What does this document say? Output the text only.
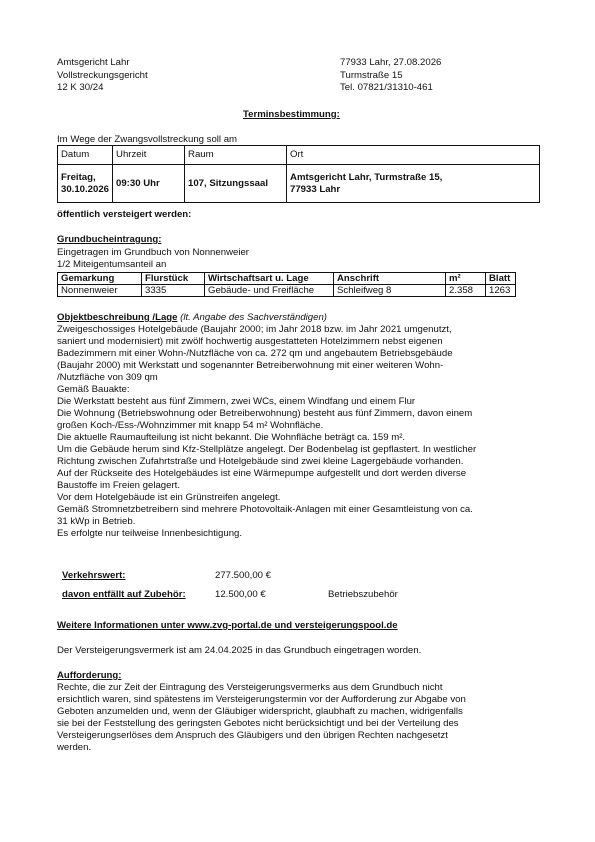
Amtsgericht Lahr
Vollstreckungsgericht
12 K 30/24
77933 Lahr, 27.08.2026
Turmstraße 15
Tel. 07821/31310-461
Terminsbestimmung:
Im Wege der Zwangsvollstreckung soll am
Datum	Uhrzeit	Raum	Ort
Freitag,
30.10.2026	09:30 Uhr	107, Sitzungssaal	Amtsgericht Lahr, Turmstraße 15,
77933 Lahr
öffentlich versteigert werden:
Grundbucheintragung:
Eingetragen im Grundbuch von Nonnenweier
1/2 Miteigentumsanteil an
Gemarkung	Flurstück	Wirtschaftsart u. Lage	Anschrift	m²	Blatt
Nonnenweier	3335	Gebäude- und Freifläche	Schleifweg 8	2.358	1263
Objektbeschreibung /Lage (lt. Angabe des Sachverständigen)
Zweigeschossiges Hotelgebäude (Baujahr 2000; im Jahr 2018 bzw. im Jahr 2021 umgenutzt,
saniert und modernisiert) mit zwölf hochwertig ausgestatteten Hotelzimmern nebst eigenen
Badezimmern mit einer Wohn-/Nutzfläche von ca. 272 qm und angebautem Betriebsgebäude
(Baujahr 2000) mit Werkstatt und sogenannter Betreiberwohnung mit einer weiteren Wohn-
/Nutzfläche von 309 qm
Gemäß Bauakte:
Die Werkstatt besteht aus fünf Zimmern, zwei WCs, einem Windfang und einem Flur
Die Wohnung (Betriebswohnung oder Betreiberwohnung) besteht aus fünf Zimmern, davon einem
großen Koch-/Ess-/Wohnzimmer mit knapp 54 m² Wohnfläche.
Die aktuelle Raumaufteilung ist nicht bekannt. Die Wohnfläche beträgt ca. 159 m².
Um die Gebäude herum sind Kfz-Stellplätze angelegt. Der Bodenbelag ist gepflastert. In westlicher
Richtung zwischen Zufahrtstraße und Hotelgebäude sind zwei kleine Lagergebäude vorhanden.
Auf der Rückseite des Hotelgebäudes ist eine Wärmepumpe aufgestellt und dort werden diverse
Baustoffe im Freien gelagert.
Vor dem Hotelgebäude ist ein Grünstreifen angelegt.
Gemäß Stromnetzbetreibern sind mehrere Photovoltaik-Anlagen mit einer Gesamtleistung von ca.
31 kWp in Betrieb.
Es erfolgte nur teilweise Innenbesichtigung.
Verkehrswert:	277.500,00 €
davon entfällt auf Zubehör:	12.500,00 €	Betriebszubehör
Weitere Informationen unter www.zvg-portal.de und versteigerungspool.de
Der Versteigerungsvermerk ist am 24.04.2025 in das Grundbuch eingetragen worden.
Aufforderung:
Rechte, die zur Zeit der Eintragung des Versteigerungsvermerks aus dem Grundbuch nicht
ersichtlich waren, sind spätestens im Versteigerungstermin vor der Aufforderung zur Abgabe von
Geboten anzumelden und, wenn der Gläubiger widerspricht, glaubhaft zu machen, widrigenfalls
sie bei der Feststellung des geringsten Gebotes nicht berücksichtigt und bei der Verteilung des
Versteigerungserlöses dem Anspruch des Gläubigers und den übrigen Rechten nachgesetzt
werden.
